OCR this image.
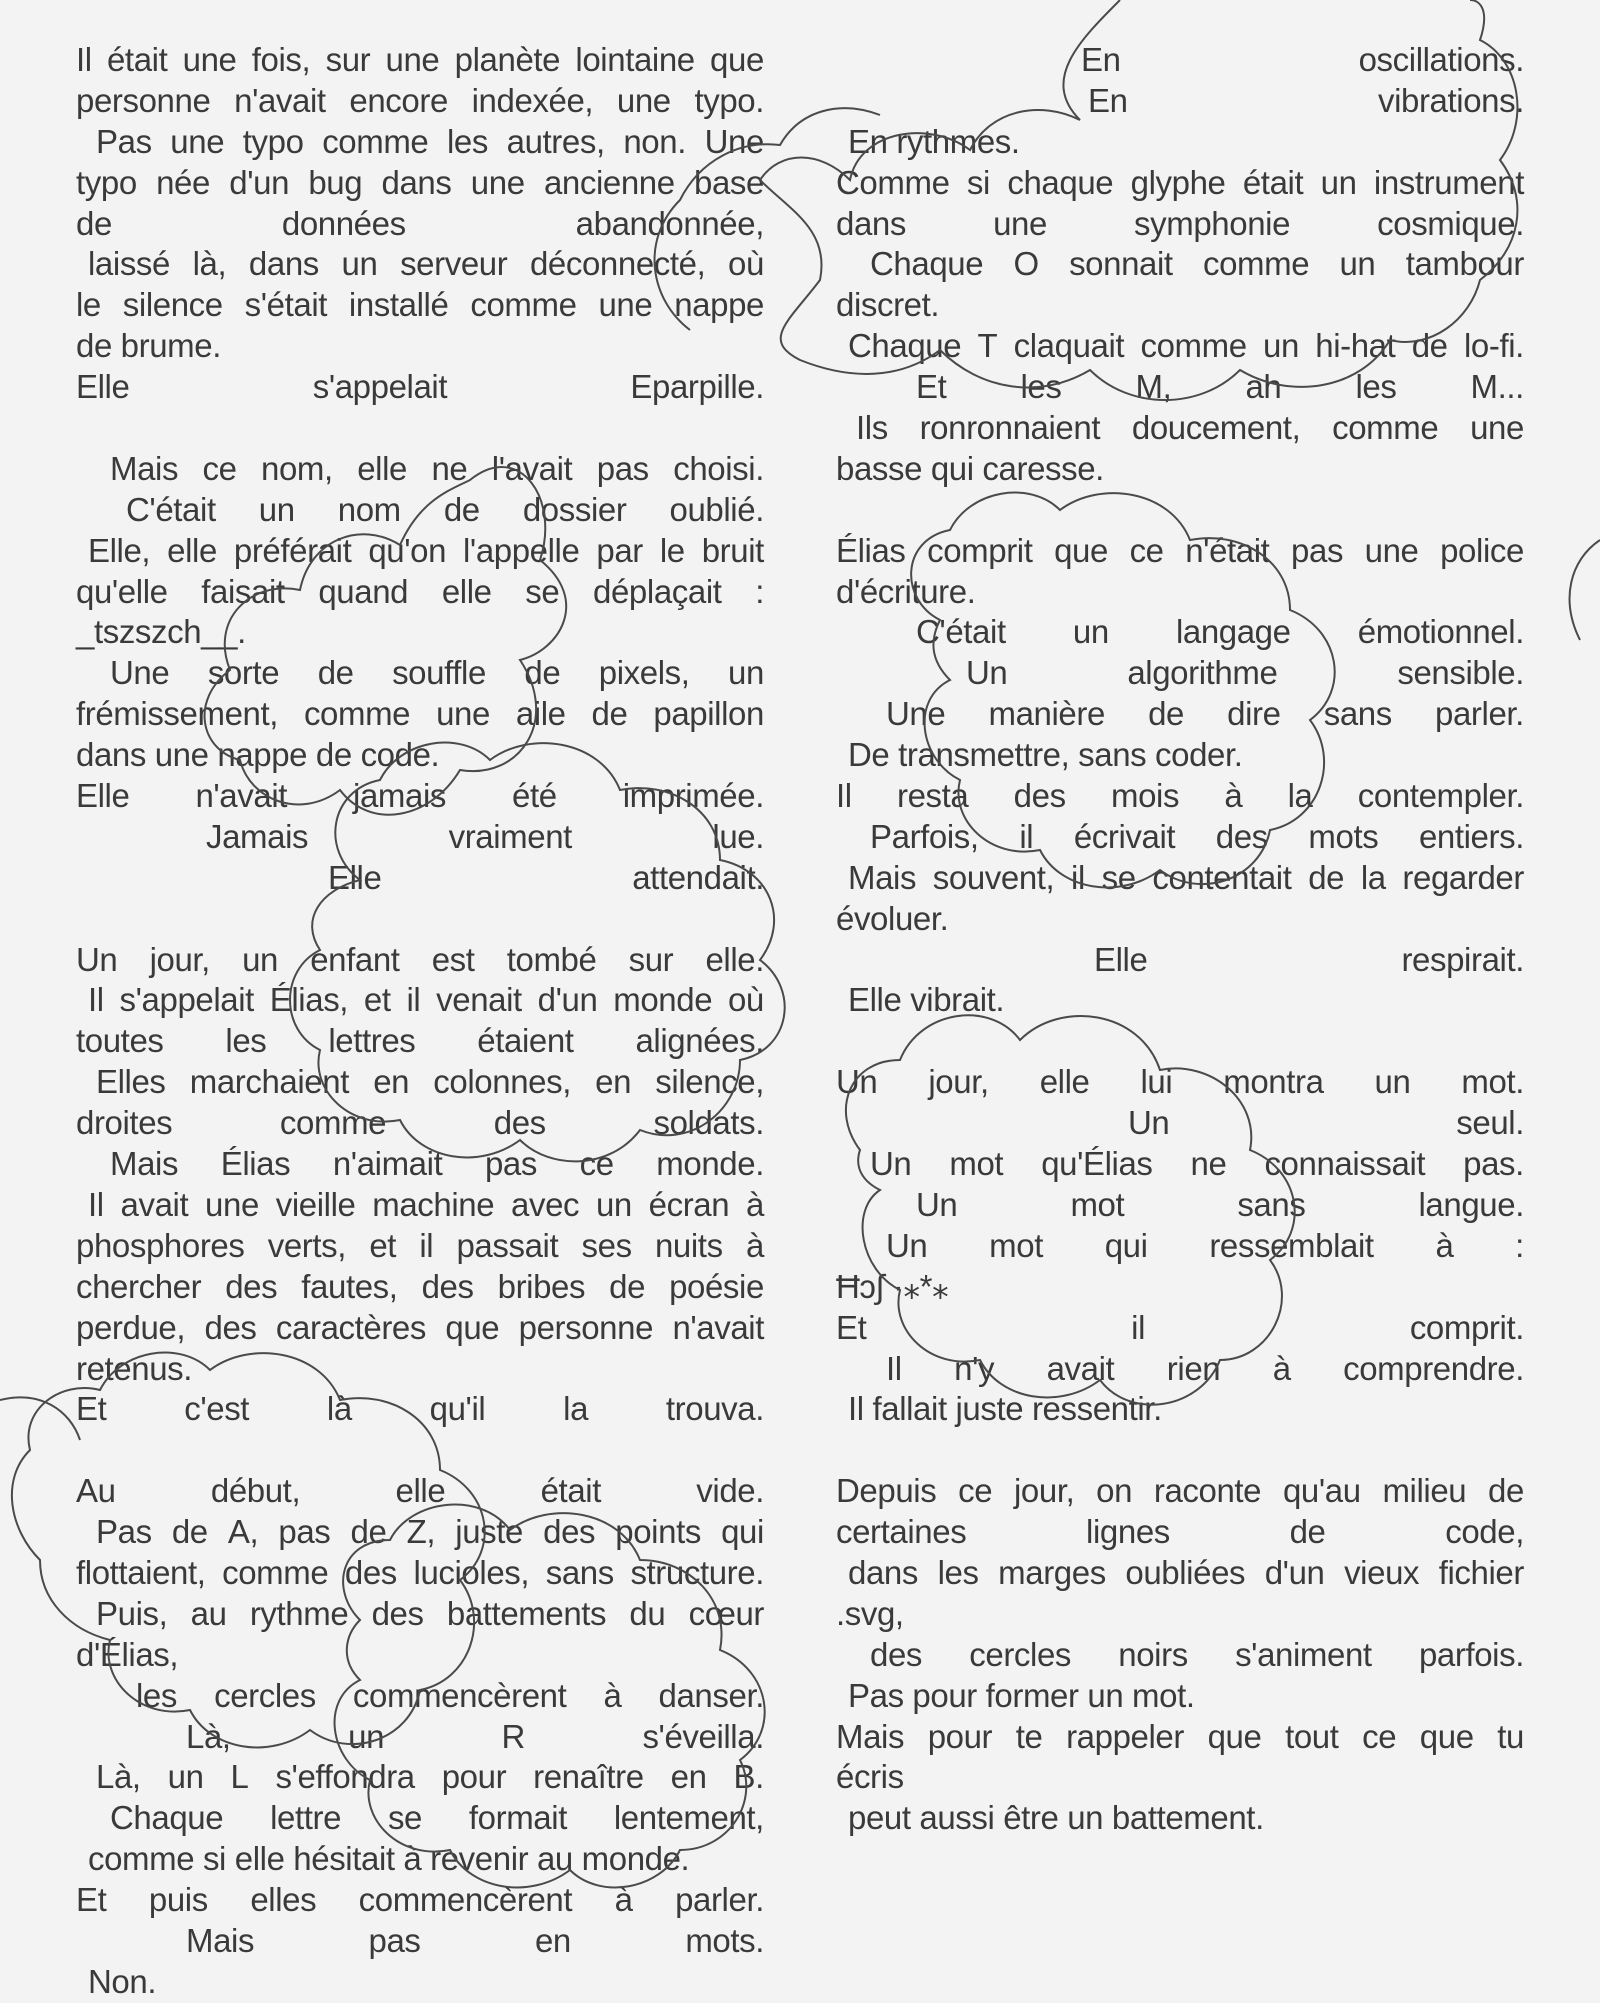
Il était une fois, sur une planète lointaine que
personne n'avait encore indexée, une typo.
Pas une typo comme les autres, non. Une
typo née d'un bug dans une ancienne base
de	données	abandonnée,
laissé là, dans un serveur déconnecté, où
le silence s'était installé comme une nappe
de brume.
Elle	s'appelait	Eparpille.
Mais ce nom, elle ne l'avait pas choisi.
C'était un nom de dossier oublié.
Elle, elle préférait qu'on l'appelle par le bruit
qu'elle faisait quand elle se déplaçait :
_tszszch__.
Une sorte de souffle de pixels, un
frémissement, comme une aile de papillon
dans une nappe de code.
Elle n'avait jamais été imprimée.
Jamais	vraiment	lue.
Elle	attendait.
Un jour, un enfant est tombé sur elle.
Il s'appelait Élias, et il venait d'un monde où
toutes les lettres étaient alignées.
Elles marchaient en colonnes, en silence,
droites	comme	des	soldats.
Mais Élias n'aimait pas ce monde.
Il avait une vieille machine avec un écran à
phosphores verts, et il passait ses nuits à
chercher des fautes, des bribes de poésie
perdue, des caractères que personne n'avait
retenus.
Et c'est là qu'il la trouva.
Au	début,	elle	était	vide.
Pas de A, pas de Z, juste des points qui
flottaient, comme des lucioles, sans structure.
Puis, au rythme des battements du cœur
d'Élias,
les cercles commencèrent à danser.
Là,	un	R	s'éveilla.
Là, un L s'effondra pour renaître en B.
Chaque lettre se formait lentement,
comme si elle hésitait à revenir au monde.
Et puis elles commencèrent à parler.
Mais	pas	en	mots.
Non.
En	oscillations.
En	vibrations.
En rythmes.
Comme si chaque glyphe était un instrument
dans	une	symphonie	cosmique.
Chaque O sonnait comme un tambour
discret.
Chaque T claquait comme un hi-hat de lo-fi.
Et les M, ah les M...
Ils ronronnaient doucement, comme une
basse qui caresse.
Élias comprit que ce n'était pas une police
d'écriture.
C'était un langage émotionnel.
Un	algorithme	sensible.
Une manière de dire sans parler.
De transmettre, sans coder.
Il resta des mois à la contempler.
Parfois, il écrivait des mots entiers.
Mais souvent, il se contentait de la regarder
évoluer.
Elle	respirait.
Elle vibrait.
Un jour, elle lui montra un mot.
Un	seul.
Un mot qu'Élias ne connaissait pas.
Un	mot	sans	langue.
Un mot qui ressemblait à :
Ħɔ∫ ·⁎*⁎
Et	il	comprit.
Il n'y avait rien à comprendre.
Il fallait juste ressentir.
Depuis ce jour, on raconte qu'au milieu de
certaines	lignes	de	code,
dans les marges oubliées d'un vieux fichier
.svg,
des cercles noirs s'animent parfois.
Pas pour former un mot.
Mais pour te rappeler que tout ce que tu
écris
peut aussi être un battement.
